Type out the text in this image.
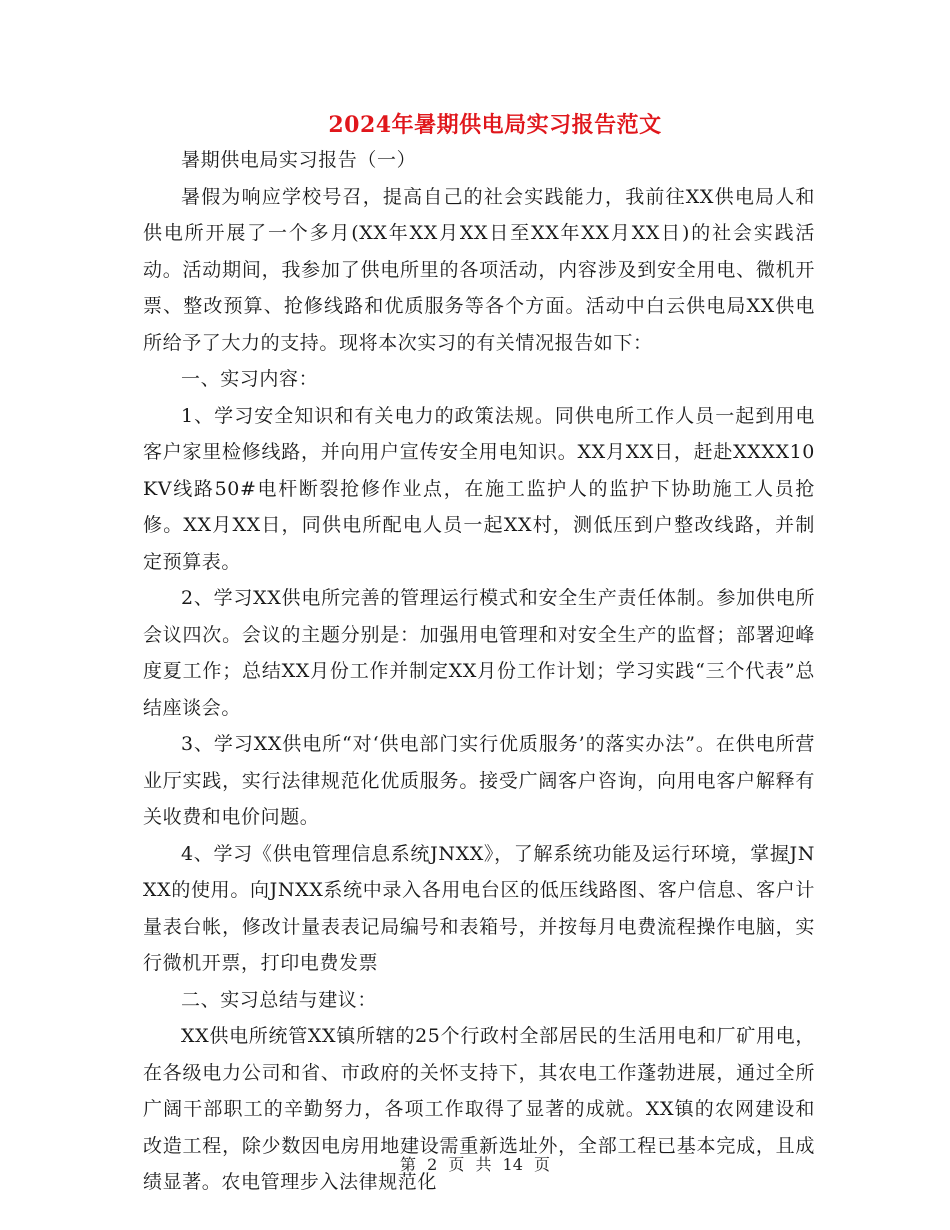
2024年暑期供电局实习报告范文

暑期供电局实习报告（一）

暑假为响应学校号召，提高自己的社会实践能力，我前往XX供电局人和供电所开展了一个多月(XX年XX月XX日至XX年XX月XX日)的社会实践活动。活动期间，我参加了供电所里的各项活动，内容涉及到安全用电、微机开票、整改预算、抢修线路和优质服务等各个方面。活动中白云供电局XX供电所给予了大力的支持。现将本次实习的有关情况报告如下：

一、实习内容：

1、学习安全知识和有关电力的政策法规。同供电所工作人员一起到用电客户家里检修线路，并向用户宣传安全用电知识。XX月XX日，赶赴XXXX10KV线路50#电杆断裂抢修作业点，在施工监护人的监护下协助施工人员抢修。XX月XX日，同供电所配电人员一起XX村，测低压到户整改线路，并制定预算表。

2、学习XX供电所完善的管理运行模式和安全生产责任体制。参加供电所会议四次。会议的主题分别是：加强用电管理和对安全生产的监督；部署迎峰度夏工作；总结XX月份工作并制定XX月份工作计划；学习实践“三个代表”总结座谈会。

3、学习XX供电所“对‘供电部门实行优质服务’的落实办法”。在供电所营业厅实践，实行法律规范化优质服务。接受广阔客户咨询，向用电客户解释有关收费和电价问题。

4、学习《供电管理信息系统JNXX》，了解系统功能及运行环境，掌握JNXX的使用。向JNXX系统中录入各用电台区的低压线路图、客户信息、客户计量表台帐，修改计量表表记局编号和表箱号，并按每月电费流程操作电脑，实行微机开票，打印电费发票

二、实习总结与建议：

XX供电所统管XX镇所辖的25个行政村全部居民的生活用电和厂矿用电，在各级电力公司和省、市政府的关怀支持下，其农电工作蓬勃进展，通过全所广阔干部职工的辛勤努力，各项工作取得了显著的成就。XX镇的农网建设和改造工程，除少数因电房用地建设需重新选址外，全部工程已基本完成，且成绩显著。农电管理步入法律规范化

第 2 页 共 14 页
